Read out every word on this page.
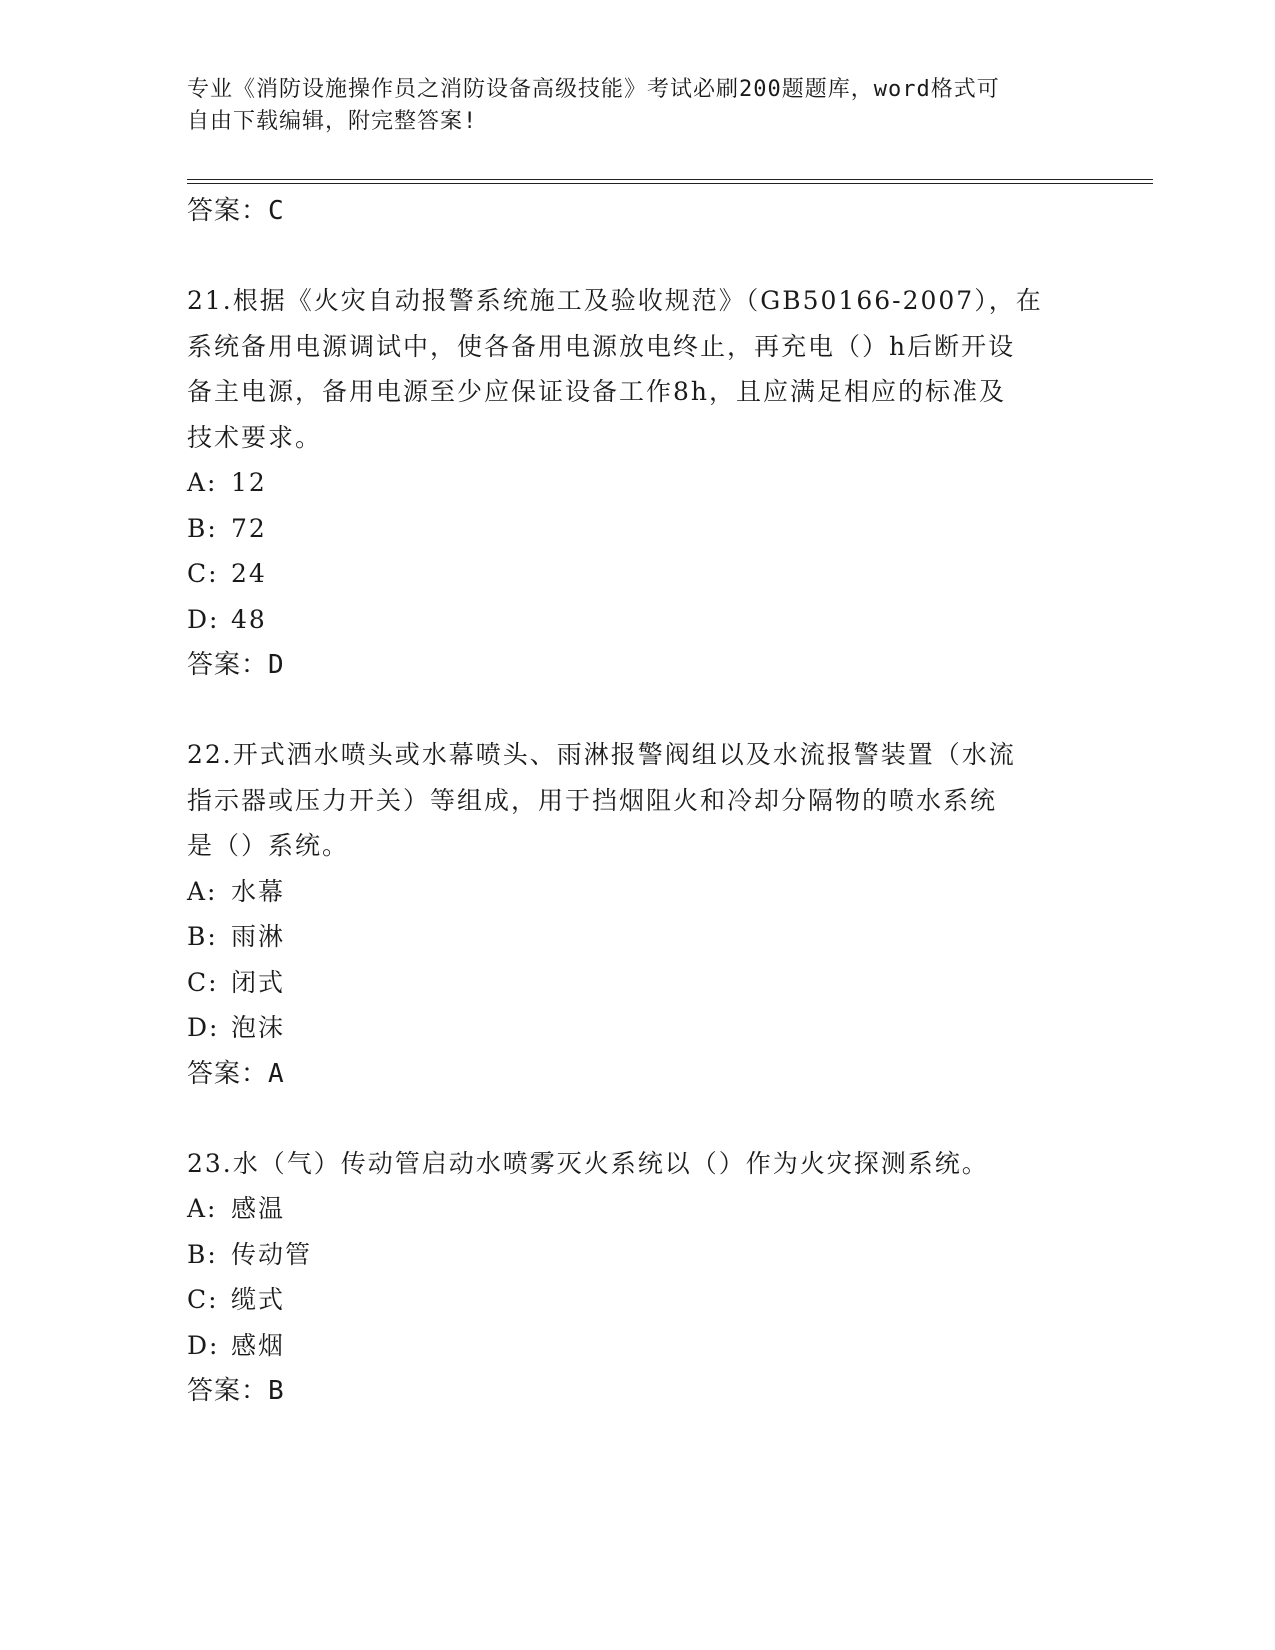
专业《消防设施操作员之消防设备高级技能》考试必刷200题题库，word格式可
自由下载编辑，附完整答案!
答案：C
21.根据《火灾自动报警系统施工及验收规范》（GB50166-2007），在
系统备用电源调试中，使各备用电源放电终止，再充电（）h后断开设
备主电源，备用电源至少应保证设备工作8h，且应满足相应的标准及
技术要求。
A: 12
B: 72
C: 24
D: 48
答案：D
22.开式洒水喷头或水幕喷头、雨淋报警阀组以及水流报警装置（水流
指示器或压力开关）等组成，用于挡烟阻火和冷却分隔物的喷水系统
是（）系统。
A: 水幕
B: 雨淋
C: 闭式
D: 泡沫
答案：A
23.水（气）传动管启动水喷雾灭火系统以（）作为火灾探测系统。
A: 感温
B: 传动管
C: 缆式
D: 感烟
答案：B
